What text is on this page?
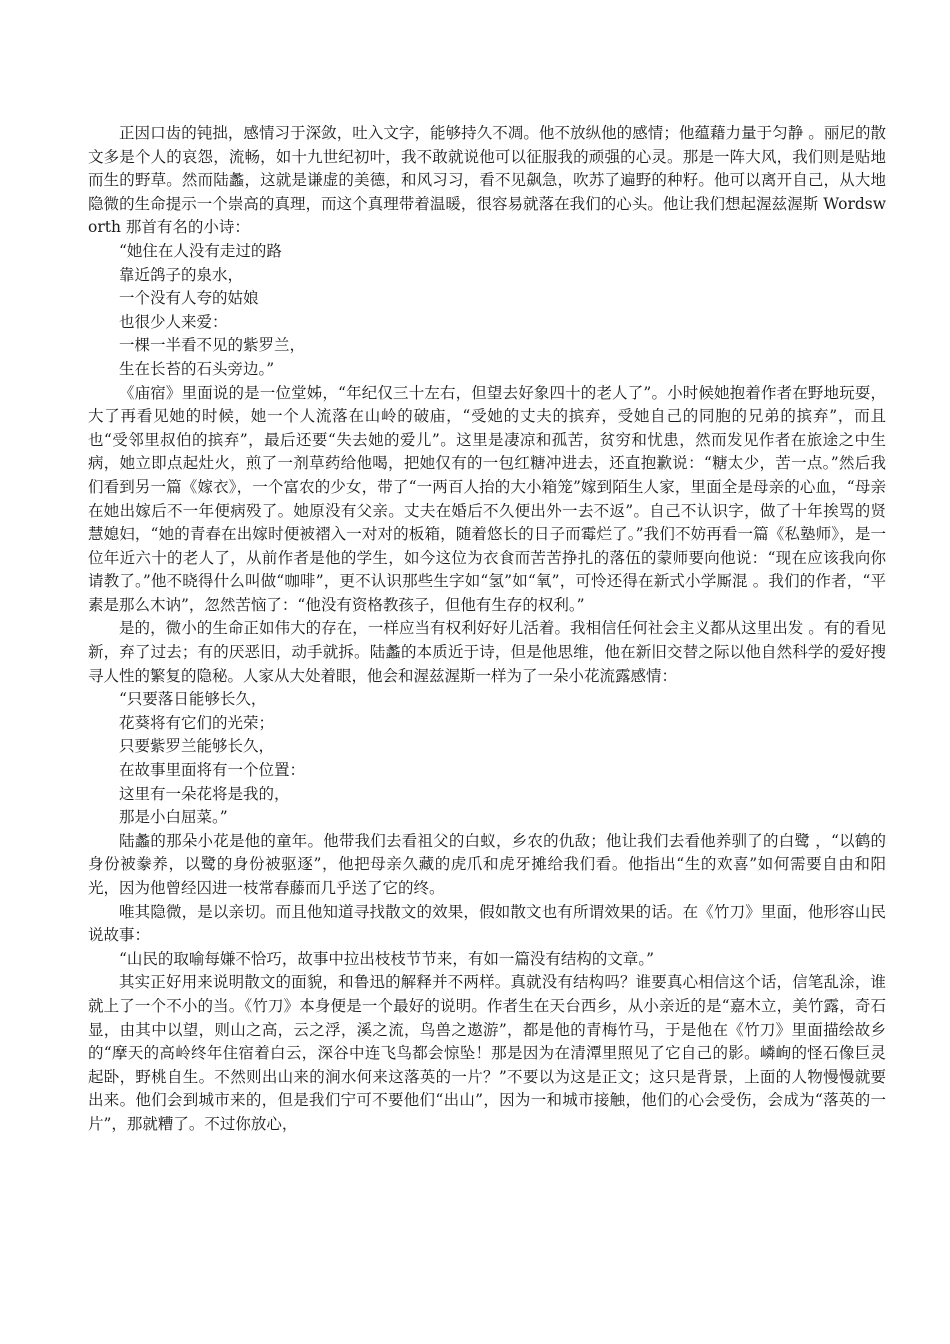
正因口齿的钝拙，感情习于深敛，吐入文字，能够持久不凋。他不放纵他的感情；他蕴藉力量于匀静 。丽尼的散文多是个人的哀怨，流畅，如十九世纪初叶，我不敢就说他可以征服我的顽强的心灵。那是一阵大风，我们则是贴地而生的野草。然而陆蠡，这就是谦虚的美德，和风习习，看不见飙急，吹苏了遍野的种籽。他可以离开自己，从大地隐微的生命提示一个崇高的真理，而这个真理带着温暖，很容易就落在我们的心头。他让我们想起渥兹渥斯 Wordsworth 那首有名的小诗：

“她住在人没有走过的路

靠近鸽子的泉水，

一个没有人夸的姑娘

也很少人来爱：

一棵一半看不见的紫罗兰，

生在长苔的石头旁边。”

《庙宿》里面说的是一位堂姊，“年纪仅三十左右，但望去好象四十的老人了”。小时候她抱着作者在野地玩耍，大了再看见她的时候，她一个人流落在山岭的破庙，“受她的丈夫的摈弃，受她自己的同胞的兄弟的摈弃”，而且也“受邻里叔伯的摈弃”，最后还要“失去她的爱儿”。这里是凄凉和孤苦，贫穷和忧患，然而发见作者在旅途之中生病，她立即点起灶火，煎了一剂草药给他喝，把她仅有的一包红糖冲进去，还直抱歉说：“糖太少，苦一点。”然后我们看到另一篇《嫁衣》，一个富农的少女，带了“一两百人抬的大小箱笼”嫁到陌生人家，里面全是母亲的心血，“母亲在她出嫁后不一年便病殁了。她原没有父亲。丈夫在婚后不久便出外一去不返”。自己不认识字，做了十年挨骂的贤慧媳妇，“她的青春在出嫁时便被褶入一对对的板箱，随着悠长的日子而霉烂了。”我们不妨再看一篇《私塾师》，是一位年近六十的老人了，从前作者是他的学生，如今这位为衣食而苦苦挣扎的落伍的蒙师要向他说：“现在应该我向你请教了。”他不晓得什么叫做“咖啡”，更不认识那些生字如“氢”如“氧”，可怜还得在新式小学厮混 。我们的作者，“平素是那么木讷”，忽然苦恼了：“他没有资格教孩子，但他有生存的权利。”

是的，微小的生命正如伟大的存在，一样应当有权利好好儿活着。我相信任何社会主义都从这里出发 。有的看见新，弃了过去；有的厌恶旧，动手就拆。陆蠡的本质近于诗，但是他思维，他在新旧交替之际以他自然科学的爱好搜寻人性的繁复的隐秘。人家从大处着眼，他会和渥兹渥斯一样为了一朵小花流露感情：

“只要落日能够长久，

花葵将有它们的光荣；

只要紫罗兰能够长久，

在故事里面将有一个位置：

这里有一朵花将是我的，

那是小白屈菜。”

陆蠡的那朵小花是他的童年。他带我们去看祖父的白蚁，乡农的仇敌；他让我们去看他养驯了的白鹭 ，“以鹤的身份被豢养，以鹭的身份被驱逐”，他把母亲久藏的虎爪和虎牙摊给我们看。他指出“生的欢喜”如何需要自由和阳光，因为他曾经囚进一枝常春藤而几乎送了它的终。

唯其隐微，是以亲切。而且他知道寻找散文的效果，假如散文也有所谓效果的话。在《竹刀》里面，他形容山民说故事：

“山民的取喻每嫌不恰巧，故事中拉出枝枝节节来，有如一篇没有结构的文章。”

其实正好用来说明散文的面貌，和鲁迅的解释并不两样。真就没有结构吗？谁要真心相信这个话，信笔乱涂，谁就上了一个不小的当。《竹刀》本身便是一个最好的说明。作者生在天台西乡，从小亲近的是“嘉木立，美竹露，奇石显，由其中以望，则山之高，云之浮，溪之流，鸟兽之遨游”，都是他的青梅竹马，于是他在《竹刀》里面描绘故乡的“摩天的高岭终年住宿着白云，深谷中连飞鸟都会惊坠！那是因为在清潭里照见了它自己的影。嶙峋的怪石像巨灵起卧，野桃自生。不然则出山来的涧水何来这落英的一片？”不要以为这是正文；这只是背景，上面的人物慢慢就要出来。他们会到城市来的，但是我们宁可不要他们“出山”，因为一和城市接触，他们的心会受伤，会成为“落英的一片”，那就糟了。不过你放心，
